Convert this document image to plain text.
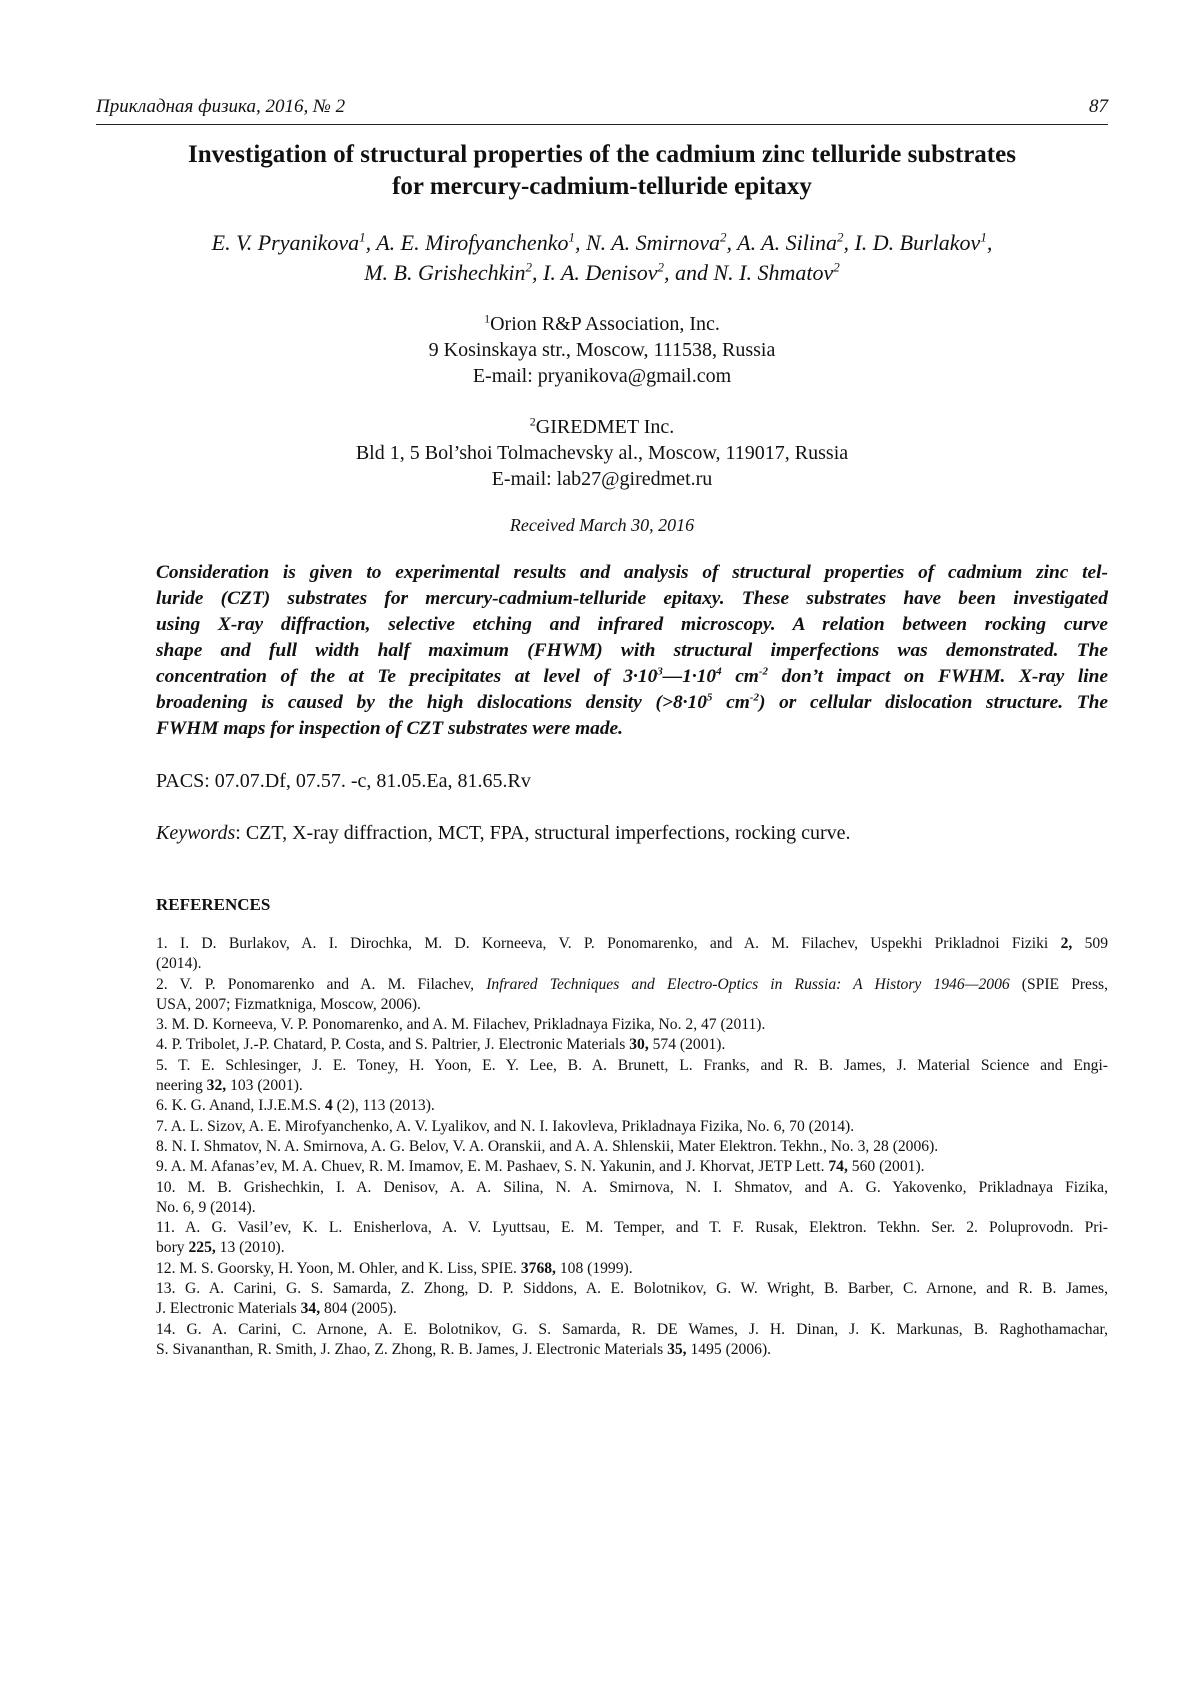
Прикладная физика, 2016, № 2	87
Investigation of structural properties of the cadmium zinc telluride substrates
for mercury-cadmium-telluride epitaxy
E. V. Pryanikova$^1$, A. E. Mirofyanchenko$^1$, N. A. Smirnova$^2$, A. A. Silina$^2$, I. D. Burlakov$^1$,
M. B. Grishechkin$^2$, I. A. Denisov$^2$, and N. I. Shmatov$^2$
$^1$Orion R&P Association, Inc.
9 Kosinskaya str., Moscow, 111538, Russia
E-mail: pryanikova@gmail.com
$^2$GIREDMET Inc.
Bld 1, 5 Bol’shoi Tolmachevsky al., Moscow, 119017, Russia
E-mail: lab27@giredmet.ru
Received March 30, 2016
Consideration is given to experimental results and analysis of structural properties of cadmium zinc tel-
luride (CZT) substrates for mercury-cadmium-telluride epitaxy. These substrates have been investigated
using X-ray diffraction, selective etching and infrared microscopy. A relation between rocking curve
shape and full width half maximum (FHWM) with structural imperfections was demonstrated. The
concentration of the at Te precipitates at level of $3\cdot 10^3—1\cdot 10^4$ $cm^{-2}$ don’t impact on FWHM. X-ray line
broadening is caused by the high dislocations density ($>8\cdot 10^5$ $cm^{-2}$) or cellular dislocation structure. The
FWHM maps for inspection of CZT substrates were made.
PACS: 07.07.Df, 07.57. -c, 81.05.Ea, 81.65.Rv
Keywords: CZT, X-ray diffraction, MCT, FPA, structural imperfections, rocking curve.
REFERENCES
1. I. D. Burlakov, A. I. Dirochka, M. D. Korneeva, V. P. Ponomarenko, and A. M. Filachev, Uspekhi Prikladnoi Fiziki 2, 509
(2014).
2. V. P. Ponomarenko and A. M. Filachev, Infrared Techniques and Electro-Optics in Russia: A History 1946—2006 (SPIE Press,
USA, 2007; Fizmatkniga, Moscow, 2006).
3. M. D. Korneeva, V. P. Ponomarenko, and A. M. Filachev, Prikladnaya Fizika, No. 2, 47 (2011).
4. P. Tribolet, J.-P. Chatard, P. Costa, and S. Paltrier, J. Electronic Materials 30, 574 (2001).
5. T. E. Schlesinger, J. E. Toney, H. Yoon, E. Y. Lee, B. A. Brunett, L. Franks, and R. B. James, J. Material Science and Engi-
neering 32, 103 (2001).
6. K. G. Anand, I.J.E.M.S. 4 (2), 113 (2013).
7. A. L. Sizov, A. E. Mirofyanchenko, A. V. Lyalikov, and N. I. Iakovleva, Prikladnaya Fizika, No. 6, 70 (2014).
8. N. I. Shmatov, N. A. Smirnova, A. G. Belov, V. A. Oranskii, and A. A. Shlenskii, Mater Elektron. Tekhn., No. 3, 28 (2006).
9. A. M. Afanas’ev, M. A. Chuev, R. M. Imamov, E. M. Pashaev, S. N. Yakunin, and J. Khorvat, JETP Lett. 74, 560 (2001).
10. M. B. Grishechkin, I. A. Denisov, A. A. Silina, N. A. Smirnova, N. I. Shmatov, and A. G. Yakovenko, Prikladnaya Fizika,
No. 6, 9 (2014).
11. A. G. Vasil’ev, K. L. Enisherlova, A. V. Lyuttsau, E. M. Temper, and T. F. Rusak, Elektron. Tekhn. Ser. 2. Poluprovodn. Pri-
bory 225, 13 (2010).
12. M. S. Goorsky, H. Yoon, M. Ohler, and K. Liss, SPIE. 3768, 108 (1999).
13. G. A. Carini, G. S. Samarda, Z. Zhong, D. P. Siddons, A. E. Bolotnikov, G. W. Wright, B. Barber, C. Arnone, and R. B. James,
J. Electronic Materials 34, 804 (2005).
14. G. A. Carini, C. Arnone, A. E. Bolotnikov, G. S. Samarda, R. DE Wames, J. H. Dinan, J. K. Markunas, B. Raghothamachar,
S. Sivananthan, R. Smith, J. Zhao, Z. Zhong, R. B. James, J. Electronic Materials 35, 1495 (2006).
